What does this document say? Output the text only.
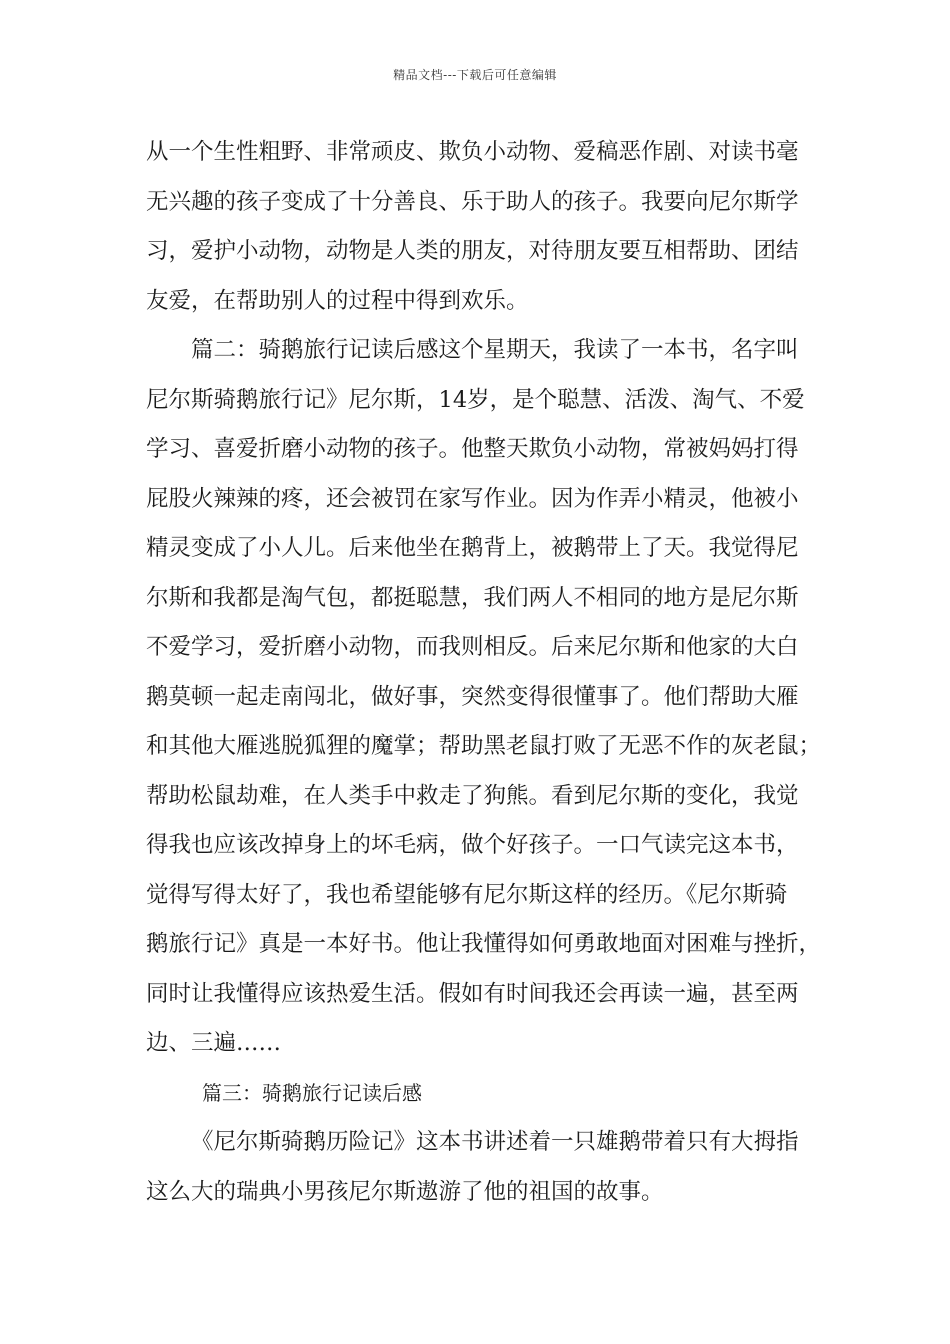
精品文档---下载后可任意编辑
从一个生性粗野、非常顽皮、欺负小动物、爱稿恶作剧、对读书毫
无兴趣的孩子变成了十分善良、乐于助人的孩子。我要向尼尔斯学
习，爱护小动物，动物是人类的朋友，对待朋友要互相帮助、团结
友爱，在帮助别人的过程中得到欢乐。
篇二：骑鹅旅行记读后感这个星期天，我读了一本书，名字叫
尼尔斯骑鹅旅行记》尼尔斯，14岁，是个聪慧、活泼、淘气、不爱
学习、喜爱折磨小动物的孩子。他整天欺负小动物，常被妈妈打得
屁股火辣辣的疼，还会被罚在家写作业。因为作弄小精灵，他被小
精灵变成了小人儿。后来他坐在鹅背上，被鹅带上了天。我觉得尼
尔斯和我都是淘气包，都挺聪慧，我们两人不相同的地方是尼尔斯
不爱学习，爱折磨小动物，而我则相反。后来尼尔斯和他家的大白
鹅莫顿一起走南闯北，做好事，突然变得很懂事了。他们帮助大雁
和其他大雁逃脱狐狸的魔掌；帮助黑老鼠打败了无恶不作的灰老鼠；
帮助松鼠劫难，在人类手中救走了狗熊。看到尼尔斯的变化，我觉
得我也应该改掉身上的坏毛病，做个好孩子。一口气读完这本书，
觉得写得太好了，我也希望能够有尼尔斯这样的经历。《尼尔斯骑
鹅旅行记》真是一本好书。他让我懂得如何勇敢地面对困难与挫折，
同时让我懂得应该热爱生活。假如有时间我还会再读一遍，甚至两
边、三遍……
篇三：骑鹅旅行记读后感
《尼尔斯骑鹅历险记》这本书讲述着一只雄鹅带着只有大拇指
这么大的瑞典小男孩尼尔斯遨游了他的祖国的故事。
